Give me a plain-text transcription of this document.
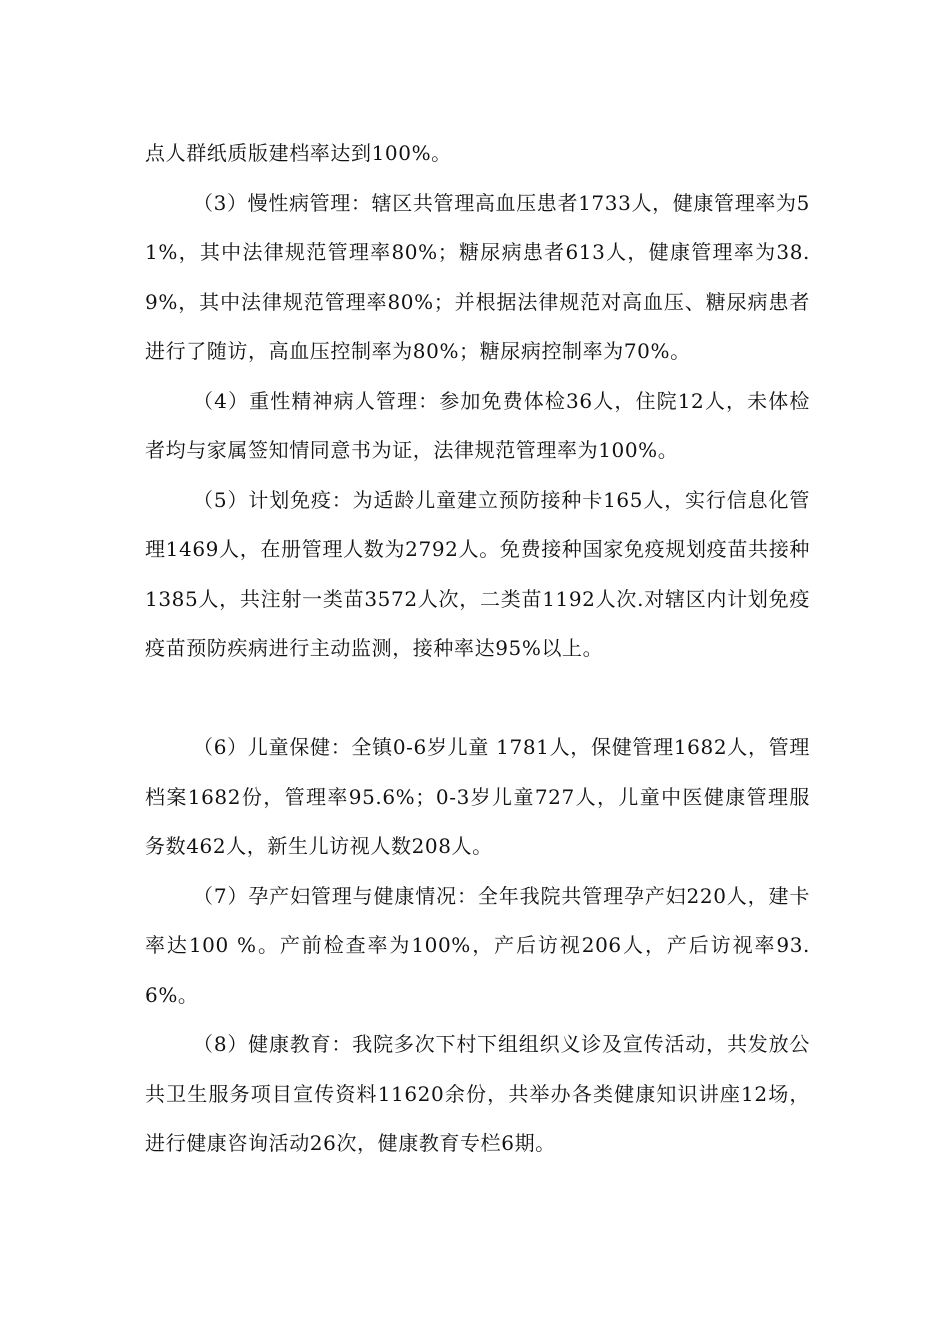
点人群纸质版建档率达到100%。

（3）慢性病管理：辖区共管理高血压患者1733人，健康管理率为51%，其中法律规范管理率80%；糖尿病患者613人，健康管理率为38.9%，其中法律规范管理率80%；并根据法律规范对高血压、糖尿病患者进行了随访，高血压控制率为80%；糖尿病控制率为70%。

（4）重性精神病人管理：参加免费体检36人，住院12人，未体检者均与家属签知情同意书为证，法律规范管理率为100%。

（5）计划免疫：为适龄儿童建立预防接种卡165人，实行信息化管理1469人，在册管理人数为2792人。免费接种国家免疫规划疫苗共接种1385人，共注射一类苗3572人次，二类苗1192人次.对辖区内计划免疫疫苗预防疾病进行主动监测，接种率达95%以上。

（6）儿童保健：全镇0-6岁儿童 1781人，保健管理1682人，管理档案1682份，管理率95.6%；0-3岁儿童727人，儿童中医健康管理服务数462人，新生儿访视人数208人。

（7）孕产妇管理与健康情况：全年我院共管理孕产妇220人，建卡率达100 %。产前检查率为100%，产后访视206人，产后访视率93.6%。

（8）健康教育：我院多次下村下组组织义诊及宣传活动，共发放公共卫生服务项目宣传资料11620余份，共举办各类健康知识讲座12场，进行健康咨询活动26次，健康教育专栏6期。
